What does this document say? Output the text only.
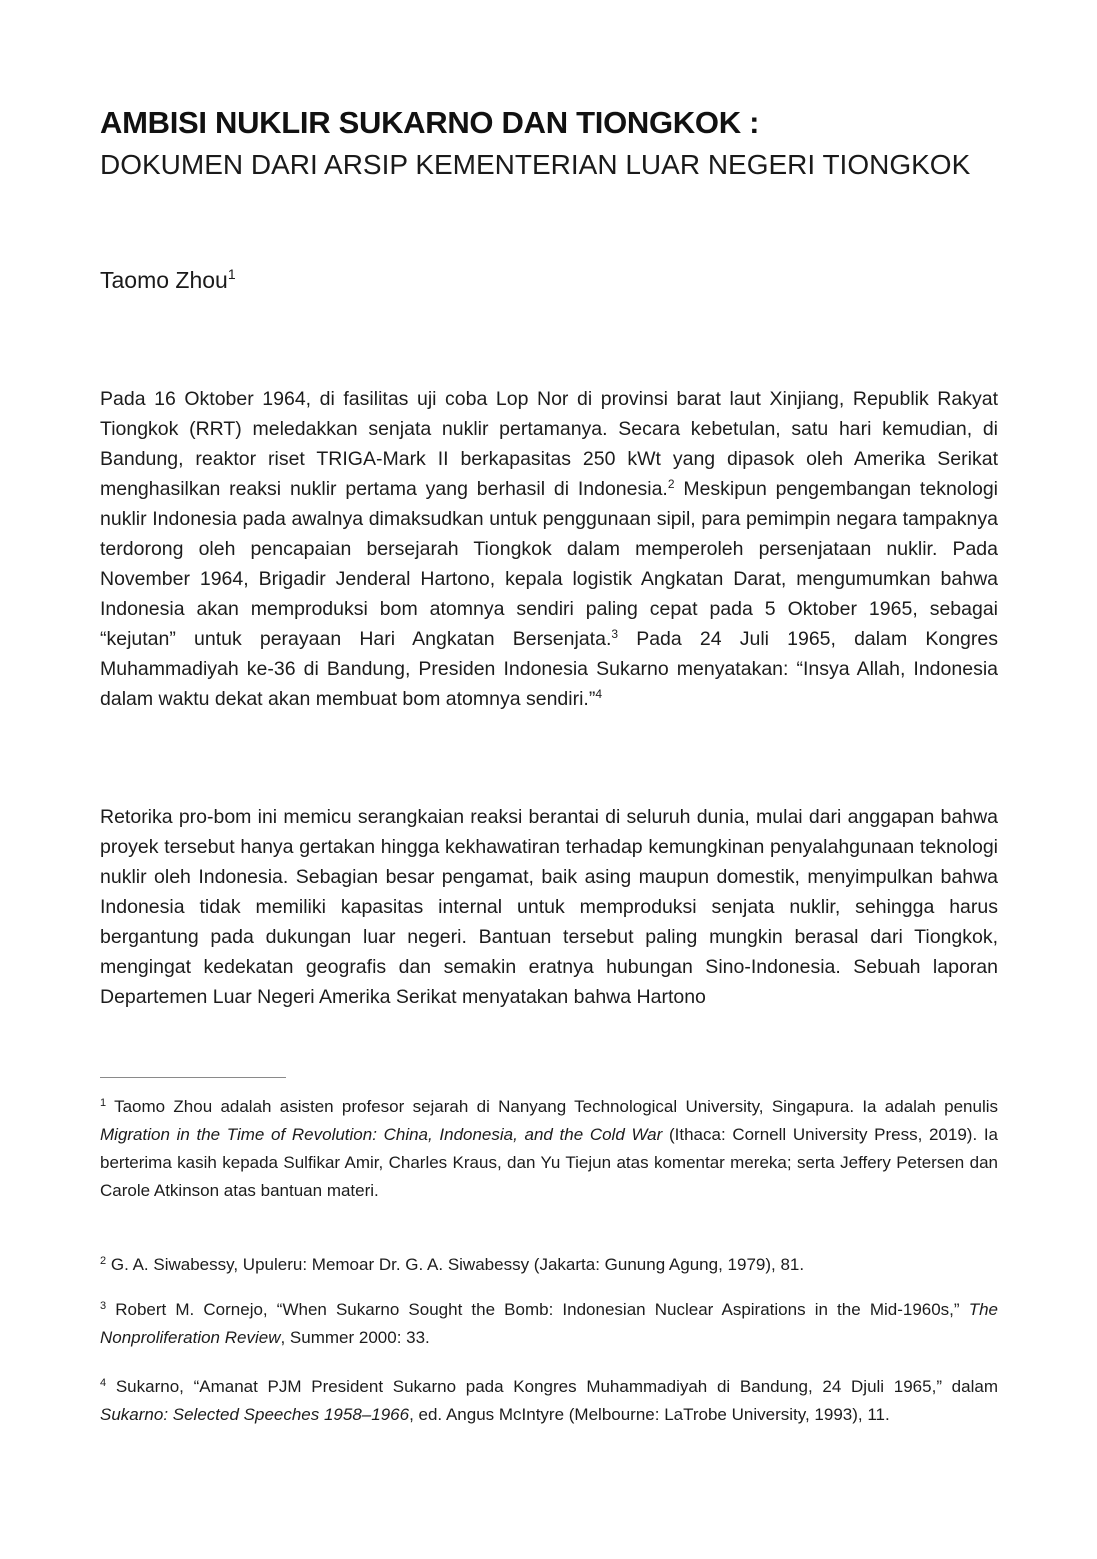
AMBISI NUKLIR SUKARNO DAN TIONGKOK :
DOKUMEN DARI ARSIP KEMENTERIAN LUAR NEGERI TIONGKOK
Taomo Zhou$^1$

Pada 16 Oktober 1964, di fasilitas uji coba Lop Nor di provinsi barat laut Xinjiang, Republik Rakyat Tiongkok (RRT) meledakkan senjata nuklir pertamanya. Secara kebetulan, satu hari kemudian, di Bandung, reaktor riset TRIGA-Mark II berkapasitas 250 kWt yang dipasok oleh Amerika Serikat menghasilkan reaksi nuklir pertama yang berhasil di Indonesia.$^2$ Meskipun pengembangan teknologi nuklir Indonesia pada awalnya dimaksudkan untuk penggunaan sipil, para pemimpin negara tampaknya terdorong oleh pencapaian bersejarah Tiongkok dalam memperoleh persenjataan nuklir. Pada November 1964, Brigadir Jenderal Hartono, kepala logistik Angkatan Darat, mengumumkan bahwa Indonesia akan memproduksi bom atomnya sendiri paling cepat pada 5 Oktober 1965, sebagai “kejutan” untuk perayaan Hari Angkatan Bersenjata.$^3$ Pada 24 Juli 1965, dalam Kongres Muhammadiyah ke-36 di Bandung, Presiden Indonesia Sukarno menyatakan: “Insya Allah, Indonesia dalam waktu dekat akan membuat bom atomnya sendiri.”$^4$

Retorika pro-bom ini memicu serangkaian reaksi berantai di seluruh dunia, mulai dari anggapan bahwa proyek tersebut hanya gertakan hingga kekhawatiran terhadap kemungkinan penyalahgunaan teknologi nuklir oleh Indonesia. Sebagian besar pengamat, baik asing maupun domestik, menyimpulkan bahwa Indonesia tidak memiliki kapasitas internal untuk memproduksi senjata nuklir, sehingga harus bergantung pada dukungan luar negeri. Bantuan tersebut paling mungkin berasal dari Tiongkok, mengingat kedekatan geografis dan semakin eratnya hubungan Sino-Indonesia. Sebuah laporan Departemen Luar Negeri Amerika Serikat menyatakan bahwa Hartono

$^1$ Taomo Zhou adalah asisten profesor sejarah di Nanyang Technological University, Singapura. Ia adalah penulis Migration in the Time of Revolution: China, Indonesia, and the Cold War (Ithaca: Cornell University Press, 2019). Ia berterima kasih kepada Sulfikar Amir, Charles Kraus, dan Yu Tiejun atas komentar mereka; serta Jeffery Petersen dan Carole Atkinson atas bantuan materi.

$^2$ G. A. Siwabessy, Upuleru: Memoar Dr. G. A. Siwabessy (Jakarta: Gunung Agung, 1979), 81.

$^3$ Robert M. Cornejo, “When Sukarno Sought the Bomb: Indonesian Nuclear Aspirations in the Mid-1960s,” The Nonproliferation Review, Summer 2000: 33.

$^4$ Sukarno, “Amanat PJM President Sukarno pada Kongres Muhammadiyah di Bandung, 24 Djuli 1965,” dalam Sukarno: Selected Speeches 1958–1966, ed. Angus McIntyre (Melbourne: LaTrobe University, 1993), 11.
